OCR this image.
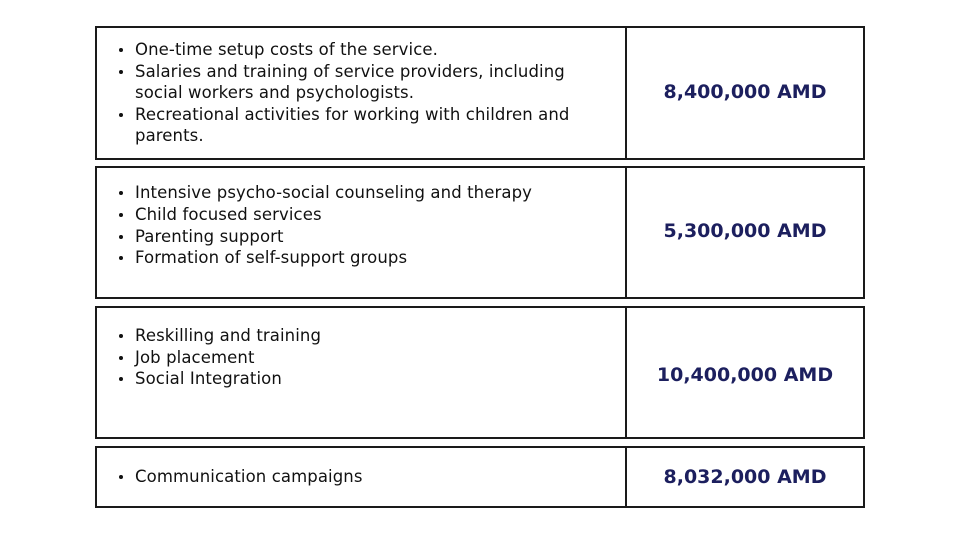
One-time setup costs of the service.
Salaries and training of service providers, including social workers and psychologists.
Recreational activities for working with children and parents.
8,400,000 AMD
Intensive psycho-social counseling and therapy
Child focused services
Parenting support
Formation of self-support groups
5,300,000 AMD
Reskilling and training
Job placement
Social Integration	10,400,000 AMD
Communication campaigns	8,032,000 AMD
